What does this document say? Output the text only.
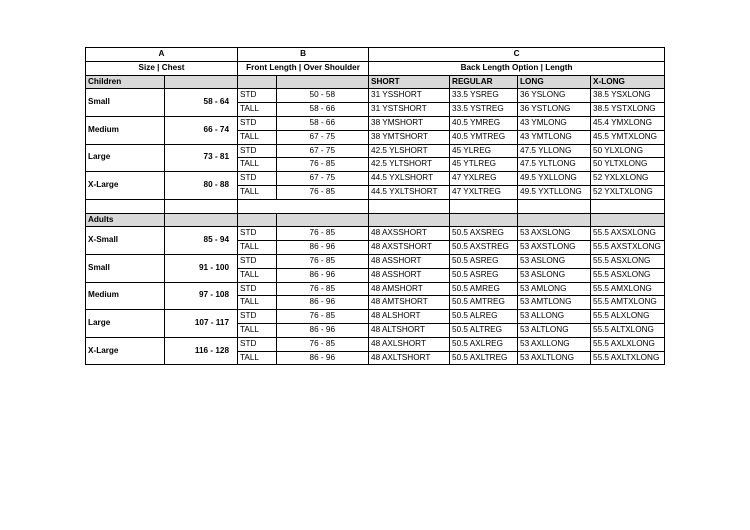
A		B		C			
Size | Chest		Front Length | Over Shoulder		Back Length Option | Length			
Children				SHORT	REGULAR	LONG	X-LONG
Small	58 - 64	STD	50 - 58	31 YSSHORT	33.5 YSREG	36 YSLONG	38.5 YSXLONG
		TALL	58 - 66	31 YSTSHORT	33.5 YSTREG	36 YSTLONG	38.5 YSTXLONG
Medium	66 - 74	STD	58 - 66	38 YMSHORT	40.5 YMREG	43 YMLONG	45.4 YMXLONG
		TALL	67 - 75	38 YMTSHORT	40.5 YMTREG	43 YMTLONG	45.5 YMTXLONG
Large	73 - 81	STD	67 - 75	42.5 YLSHORT	45 YLREG	47.5 YLLONG	50 YLXLONG
		TALL	76 - 85	42.5 YLTSHORT	45 YTLREG	47.5 YLTLONG	50 YLTXLONG
X-Large	80 - 88	STD	67 - 75	44.5 YXLSHORT	47 YXLREG	49.5 YXLLONG	52 YXLXLONG
		TALL	76 - 85	44.5 YXLTSHORT	47 YXLTREG	49.5 YXTLLONG	52 YXLTXLONG

Adults							
X-Small	85 - 94	STD	76 - 85	48 AXSSHORT	50.5 AXSREG	53 AXSLONG	55.5 AXSXLONG
		TALL	86 - 96	48 AXSTSHORT	50.5 AXSTREG	53 AXSTLONG	55.5 AXSTXLONG
Small	91 - 100	STD	76 - 85	48 ASSHORT	50.5 ASREG	53 ASLONG	55.5 ASXLONG
		TALL	86 - 96	48 ASSHORT	50.5 ASREG	53 ASLONG	55.5 ASXLONG
Medium	97 - 108	STD	76 - 85	48 AMSHORT	50.5 AMREG	53 AMLONG	55.5 AMXLONG
		TALL	86 - 96	48 AMTSHORT	50.5 AMTREG	53 AMTLONG	55.5 AMTXLONG
Large	107 - 117	STD	76 - 85	48 ALSHORT	50.5 ALREG	53 ALLONG	55.5 ALXLONG
		TALL	86 - 96	48 ALTSHORT	50.5 ALTREG	53 ALTLONG	55.5 ALTXLONG
X-Large	116 - 128	STD	76 - 85	48 AXLSHORT	50.5 AXLREG	53 AXLLONG	55.5 AXLXLONG
		TALL	86 - 96	48 AXLTSHORT	50.5 AXLTREG	53 AXLTLONG	55.5 AXLTXLONG
